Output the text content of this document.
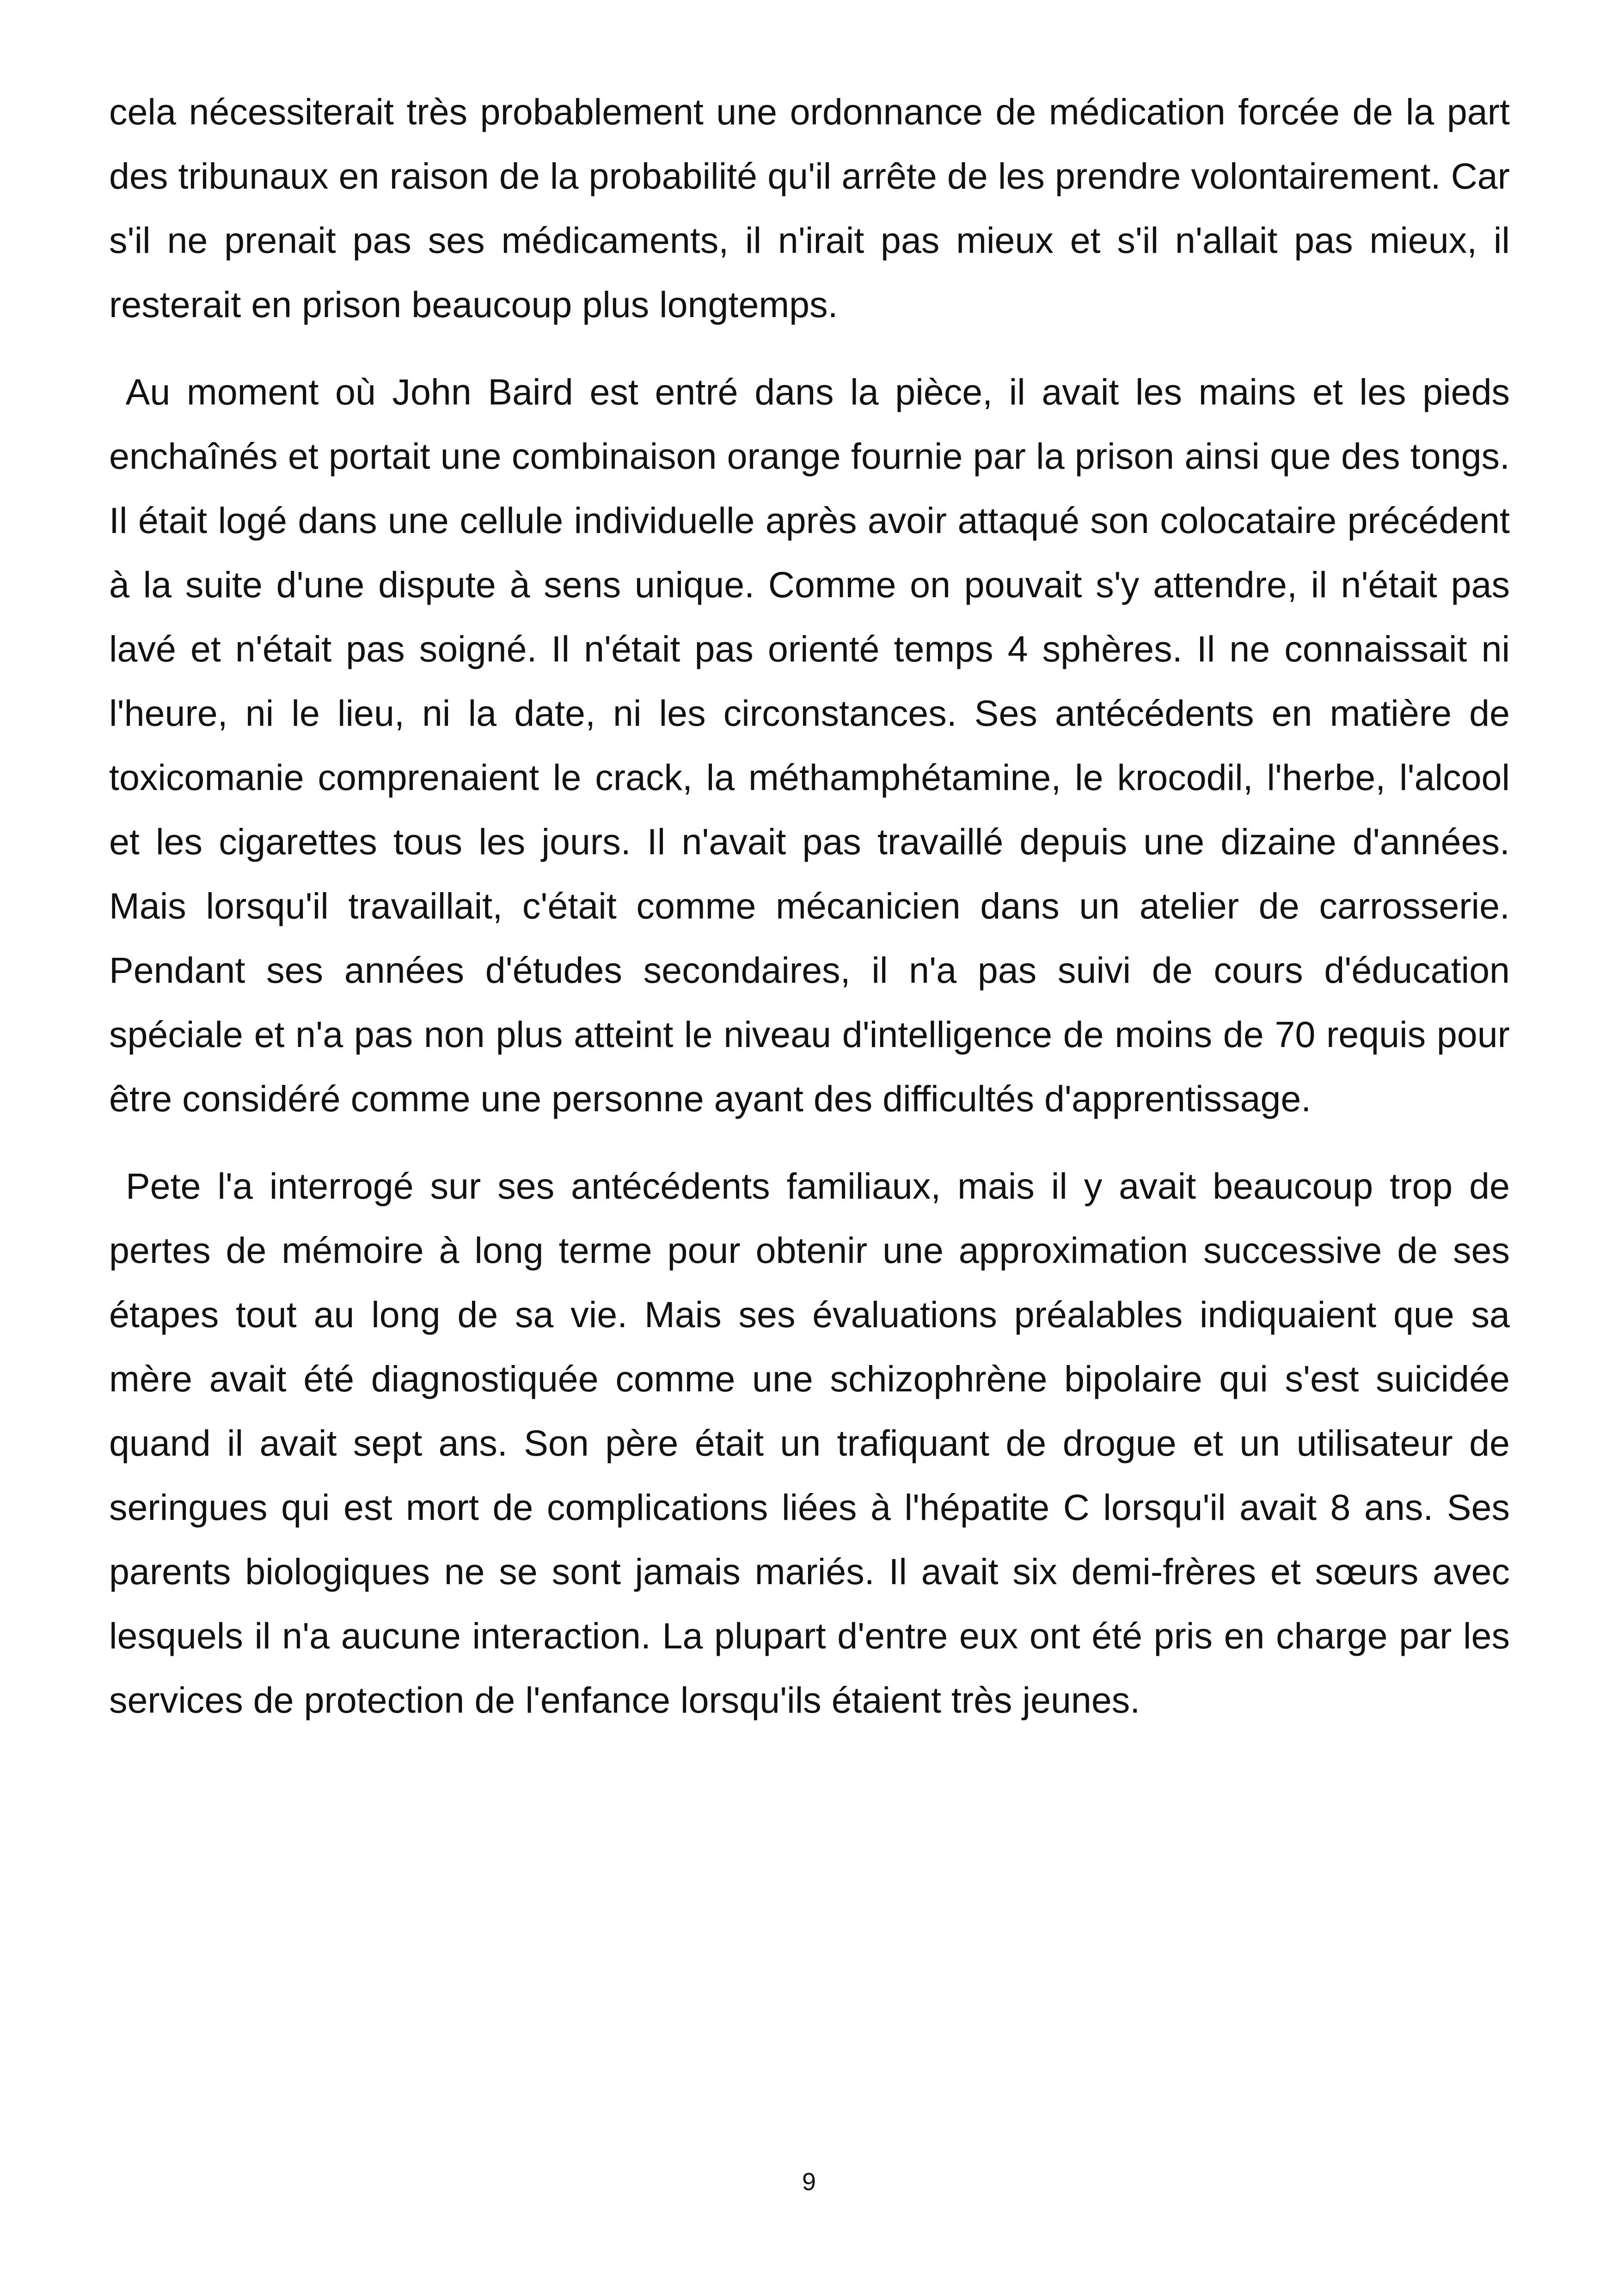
cela nécessiterait très probablement une ordonnance de médication forcée de la part des tribunaux en raison de la probabilité qu'il arrête de les prendre volontairement. Car s'il ne prenait pas ses médicaments, il n'irait pas mieux et s'il n'allait pas mieux, il resterait en prison beaucoup plus longtemps.

Au moment où John Baird est entré dans la pièce, il avait les mains et les pieds enchaînés et portait une combinaison orange fournie par la prison ainsi que des tongs. Il était logé dans une cellule individuelle après avoir attaqué son colocataire précédent à la suite d'une dispute à sens unique. Comme on pouvait s'y attendre, il n'était pas lavé et n'était pas soigné. Il n'était pas orienté temps 4 sphères. Il ne connaissait ni l'heure, ni le lieu, ni la date, ni les circonstances. Ses antécédents en matière de toxicomanie comprenaient le crack, la méthamphétamine, le krocodil, l'herbe, l'alcool et les cigarettes tous les jours. Il n'avait pas travaillé depuis une dizaine d'années. Mais lorsqu'il travaillait, c'était comme mécanicien dans un atelier de carrosserie. Pendant ses années d'études secondaires, il n'a pas suivi de cours d'éducation spéciale et n'a pas non plus atteint le niveau d'intelligence de moins de 70 requis pour être considéré comme une personne ayant des difficultés d'apprentissage.

Pete l'a interrogé sur ses antécédents familiaux, mais il y avait beaucoup trop de pertes de mémoire à long terme pour obtenir une approximation successive de ses étapes tout au long de sa vie. Mais ses évaluations préalables indiquaient que sa mère avait été diagnostiquée comme une schizophrène bipolaire qui s'est suicidée quand il avait sept ans. Son père était un trafiquant de drogue et un utilisateur de seringues qui est mort de complications liées à l'hépatite C lorsqu'il avait 8 ans. Ses parents biologiques ne se sont jamais mariés. Il avait six demi-frères et sœurs avec lesquels il n'a aucune interaction. La plupart d'entre eux ont été pris en charge par les services de protection de l'enfance lorsqu'ils étaient très jeunes.

9
